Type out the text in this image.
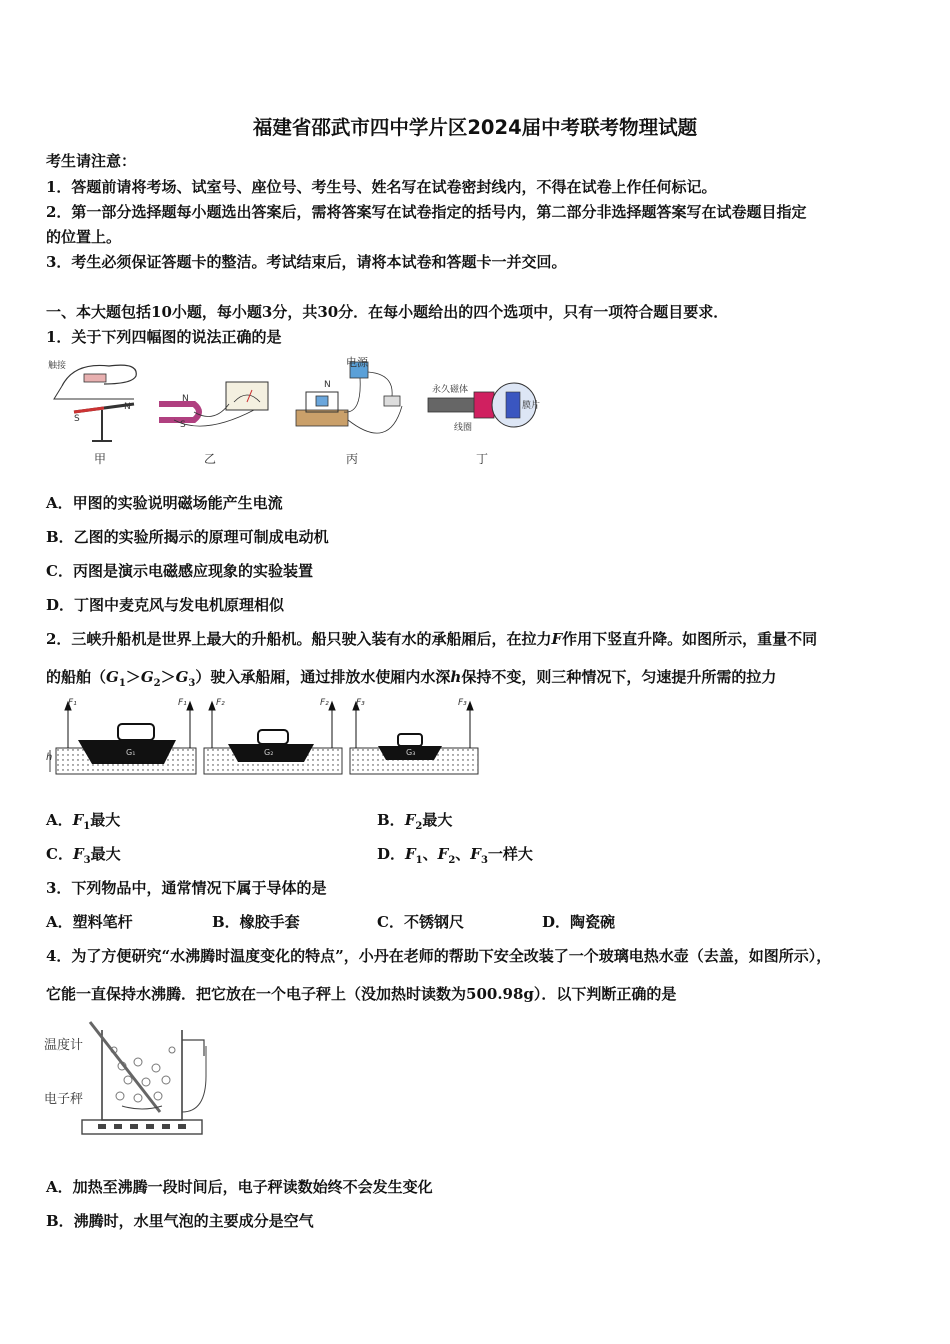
福建省邵武市四中学片区2024届中考联考物理试题
考生请注意：
1．答题前请将考场、试室号、座位号、考生号、姓名写在试卷密封线内，不得在试卷上作任何标记。
2．第一部分选择题每小题选出答案后，需将答案写在试卷指定的括号内，第二部分非选择题答案写在试卷题目指定
的位置上。
3．考生必须保证答题卡的整洁。考试结束后，请将本试卷和答题卡一并交回。
一、本大题包括10小题，每小题3分，共30分．在每小题给出的四个选项中，只有一项符合题目要求．
1．关于下列四幅图的说法正确的是
触接
S
N
N
S
电源
N	永久磁体
线圈
膜片
甲	乙	丙	丁
A．甲图的实验说明磁场能产生电流
B．乙图的实验所揭示的原理可制成电动机
C．丙图是演示电磁感应现象的实验装置
D．丁图中麦克风与发电机原理相似
2．三峡升船机是世界上最大的升船机。船只驶入装有水的承船厢后，在拉力F作用下竖直升降。如图所示，重量不同
的船舶$(G_1>G_2>G_3)$驶入承船厢，通过排放水使厢内水深h保持不变，则三种情况下，匀速提升所需的拉力
F₁	F₁	F₂	F₂	F₃	F₃
h	G₁	G₂	G₃
A．$F_1$最大	B．$F_2$最大
C．$F_3$最大	D．$F_1$、$F_2$、$F_3$一样大
3．下列物品中，通常情况下属于导体的是
A．塑料笔杆	B．橡胶手套	C．不锈钢尺	D．陶瓷碗
4．为了方便研究“水沸腾时温度变化的特点”，小丹在老师的帮助下安全改装了一个玻璃电热水壶（去盖，如图所示），
它能一直保持水沸腾．把它放在一个电子秤上（没加热时读数为500.98g）．以下判断正确的是
温度计
电子秤
A．加热至沸腾一段时间后，电子秤读数始终不会发生变化
B．沸腾时，水里气泡的主要成分是空气
